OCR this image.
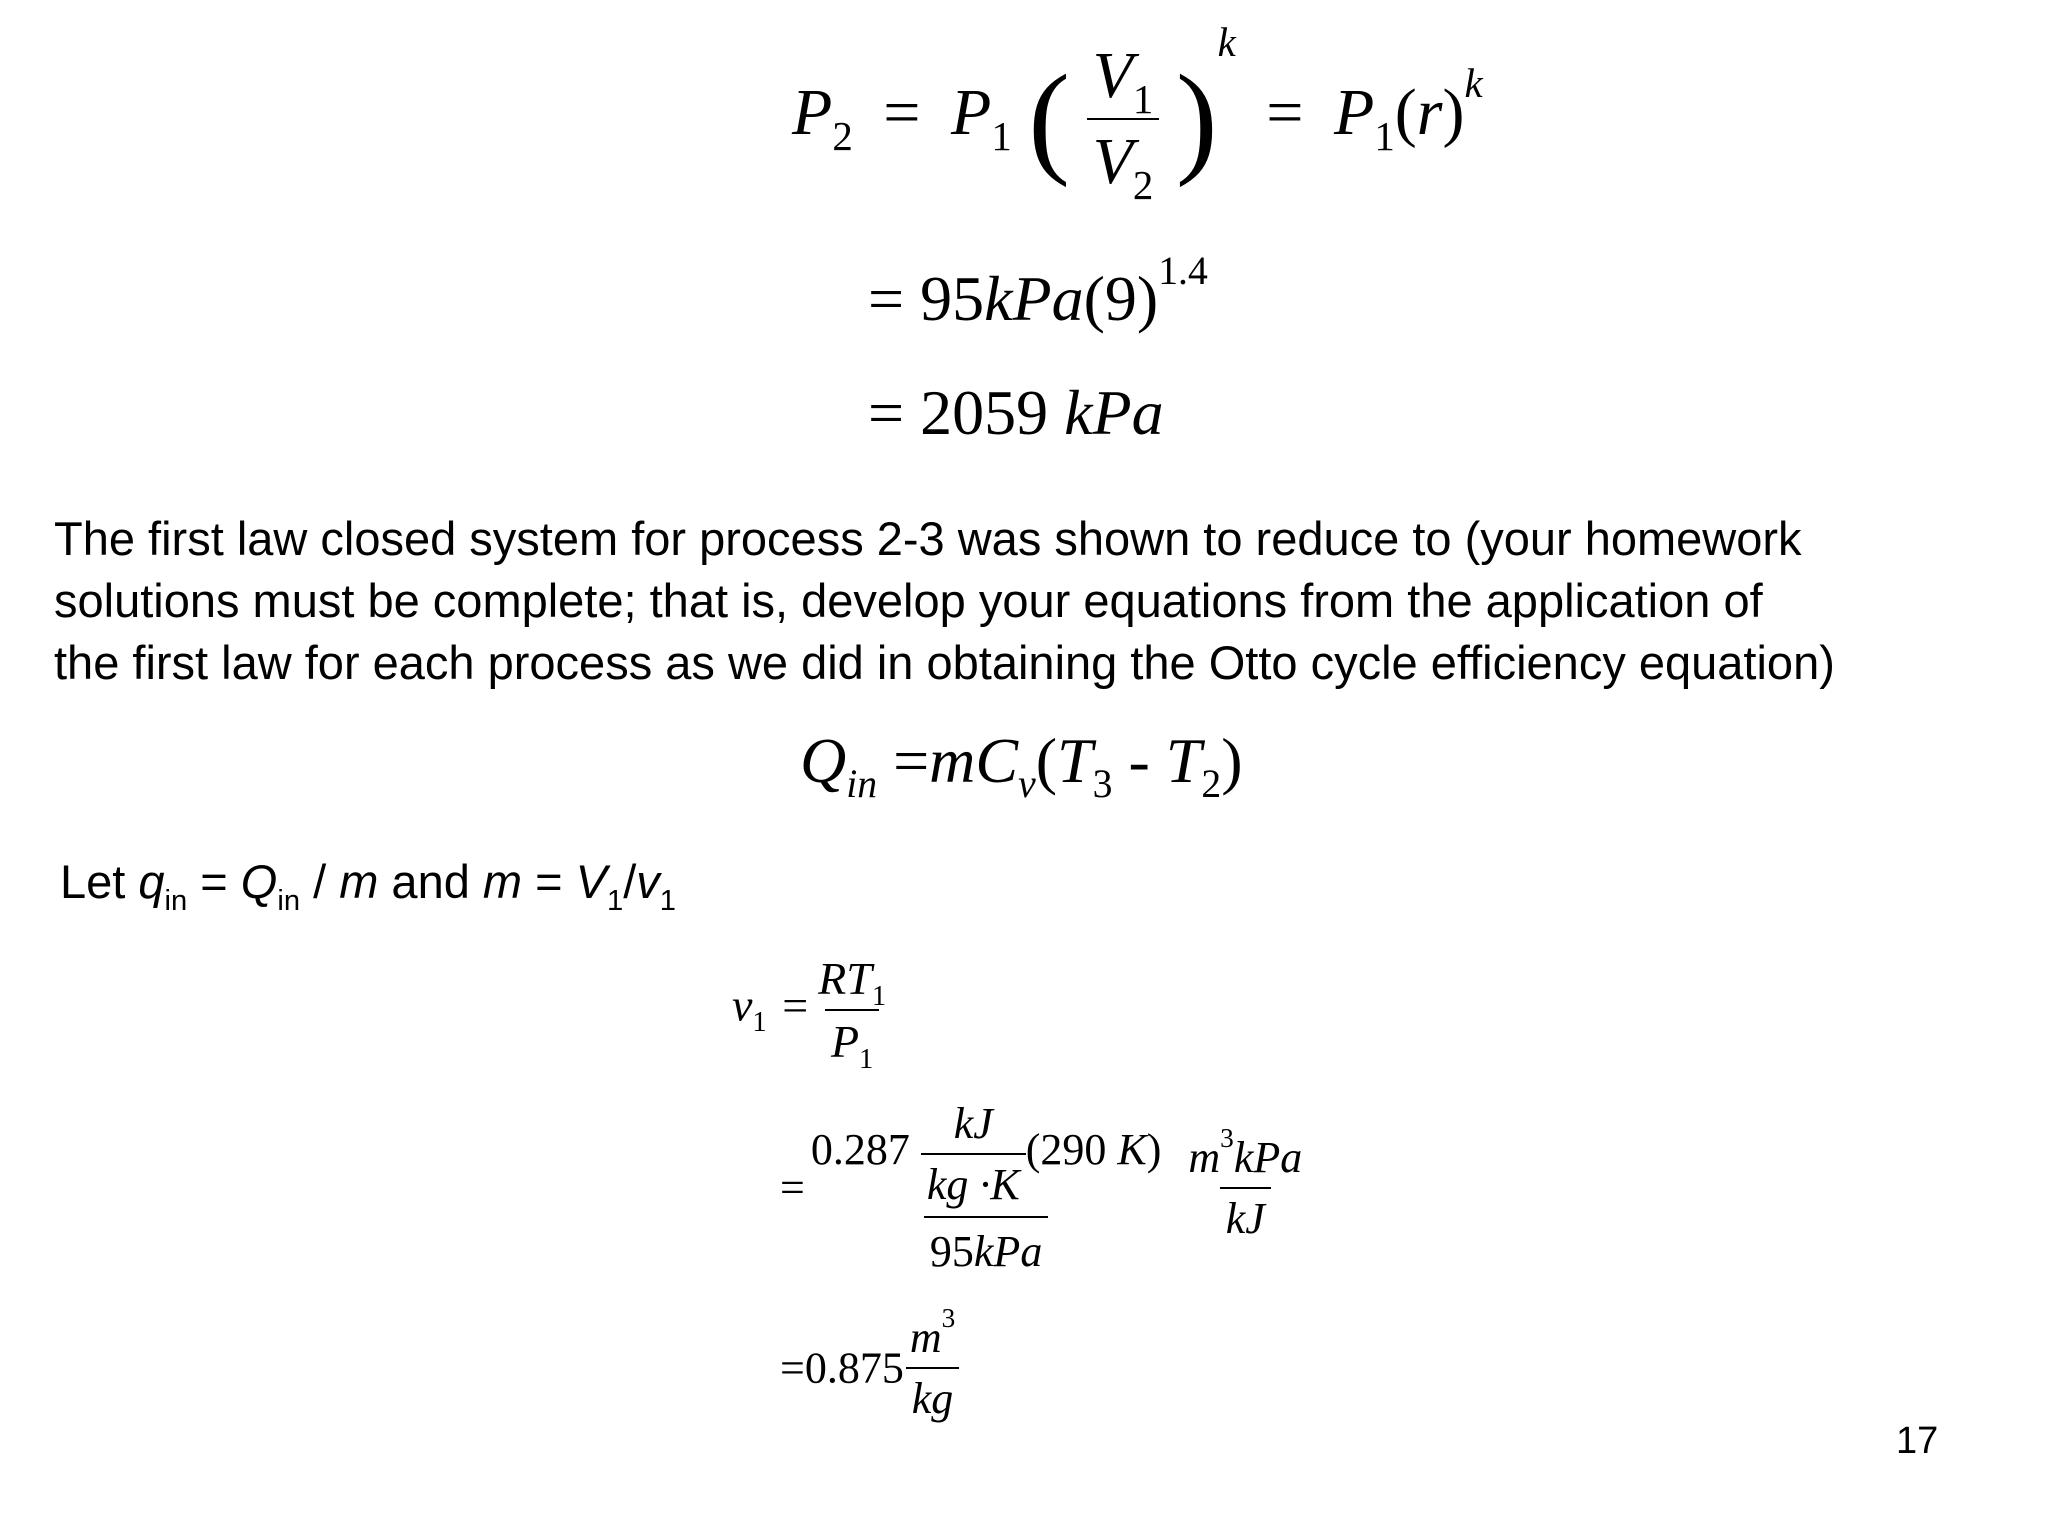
$P_2 = P_1$ ( $\frac{V_1}{V_2} )^k = P_1(r)^k$
= $95kPa(9)^{1.4}$
= 2059 kPa
The first law closed system for process 2-3 was shown to reduce to (your homework
solutions must be complete; that is, develop your equations from the application of
the first law for each process as we did in obtaining the Otto cycle efficiency equation)
$Q_{in} =mC_v(T_3 - T_2)$
Let $q_{in} = Q_{in} / m$ and $m = V_1/v_1$
$v_1 = \frac{RT_1}{P_1}$
= $\frac{0.287 \frac{kJ}{kg \cdot K} (290 K)}{\text{95kPa}}$
$\frac{m^3kPa}{kJ}$
$=0.875 \frac{m^3}{kg}$
17
